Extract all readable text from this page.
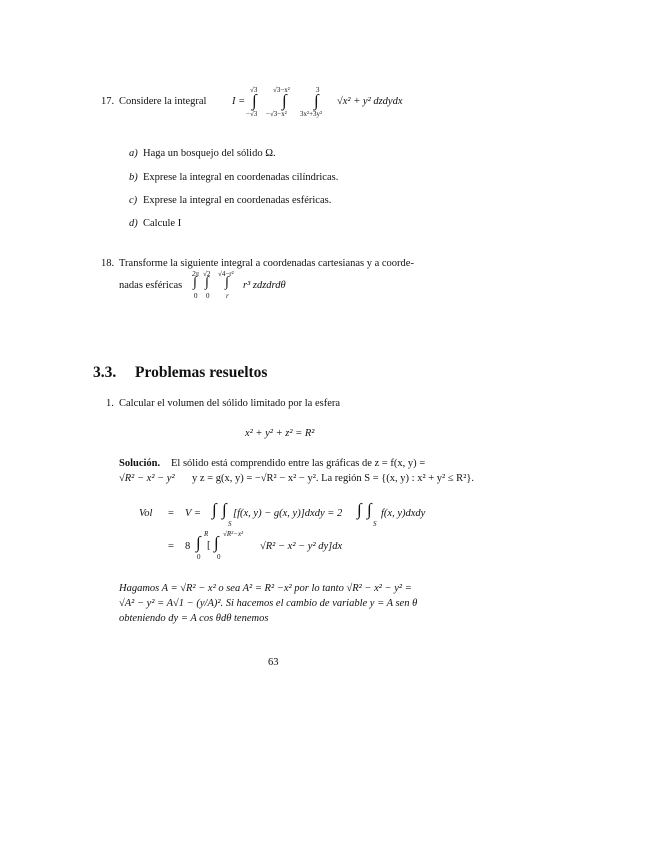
17. Considere la integral I =
√3
∫
−√3
√3−x²
∫
−√3−x²
3
∫
3x²+3y²
√x² + y² dzdydx
a) Haga un bosquejo del sólido Ω.
b) Exprese la integral en coordenadas cilíndricas.
c) Exprese la integral en coordenadas esféricas.
d) Calcule I
18. Transforme la siguiente integral a coordenadas cartesianas y a coorde-
nadas esféricas
2π
∫
0
√2
∫
0
√4−r²
∫
r
r³ zdzdrdθ
3.3. Problemas resueltos
1. Calcular el volumen del sólido limitado por la esfera
x² + y² + z² = R²
Solución. El sólido está comprendido entre las gráficas de z = f(x, y) =
√R² − x² − y² y z = g(x, y) = −√R² − x² − y². La región S = {(x, y) : x² + y² ≤ R²}.
Vol = V = ∫ ∫
S
[f(x, y) − g(x, y)]dxdy = 2 ∫ ∫
S
f(x, y)dxdy
= 8
R
∫
0
[
√R²−x²
∫
0
√R² − x² − y² dy]dx
Hagamos A = √R² − x² o sea A² = R² −x² por lo tanto √R² − x² − y² =
√A² − y² = A√1 − (y/A)². Si hacemos el cambio de variable y = A sen θ
obteniendo dy = A cos θdθ tenemos
63
